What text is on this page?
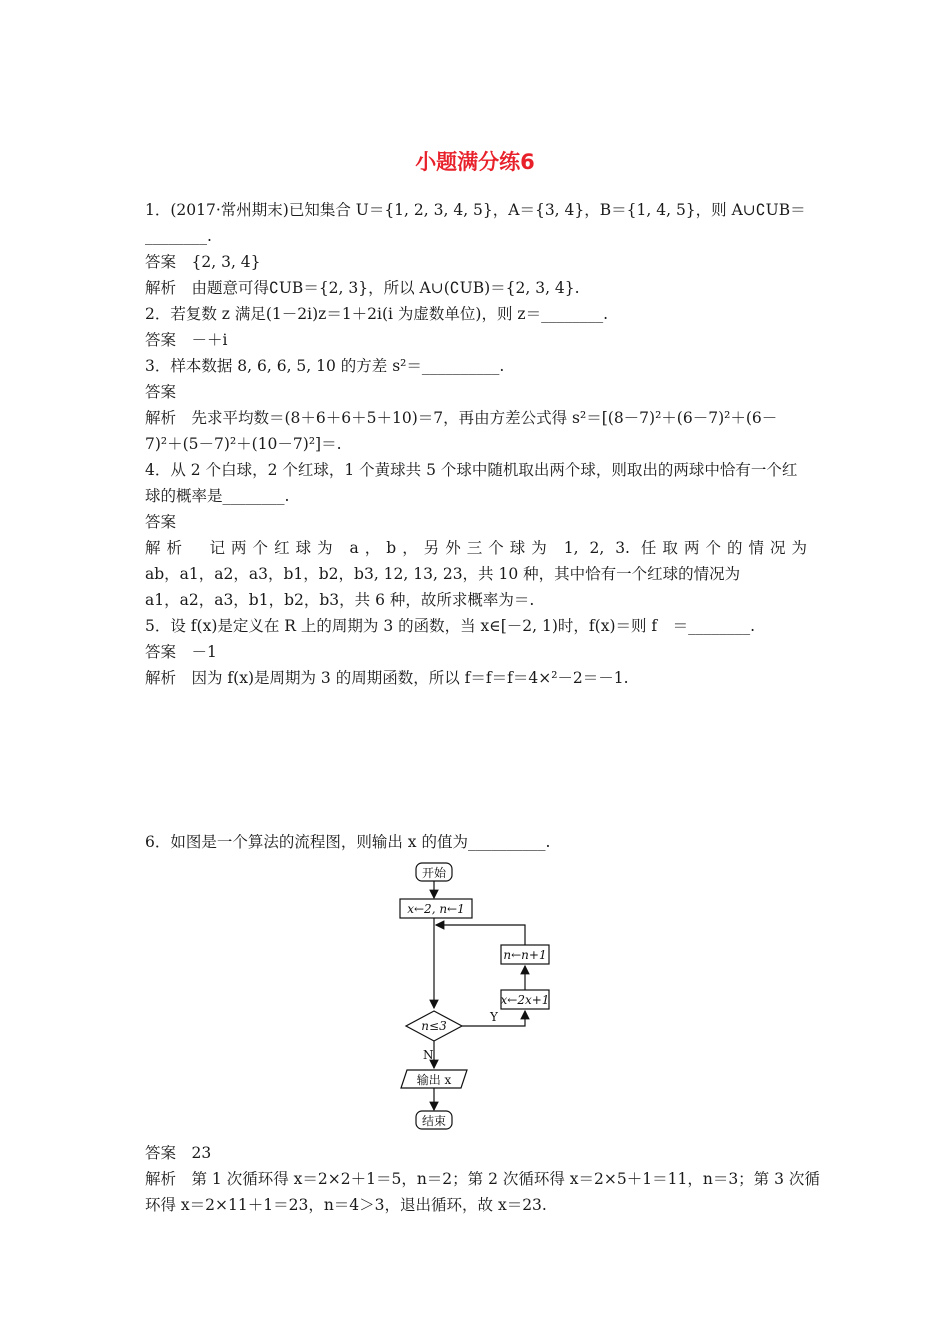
小题满分练6
1．(2017·常州期末)已知集合 U＝{1, 2, 3, 4, 5}，A＝{3, 4}，B＝{1, 4, 5}，则 A∪∁UB＝
________.
答案　{2, 3, 4}
解析　由题意可得∁UB＝{2, 3}，所以 A∪(∁UB)＝{2, 3, 4}.
2．若复数 z 满足(1－2i)z＝1＋2i(i 为虚数单位)，则 z＝________.
答案　－＋i
3．样本数据 8, 6, 6, 5, 10 的方差 s²＝__________.
答案
解析　先求平均数＝(8＋6＋6＋5＋10)＝7，再由方差公式得 s²＝[(8－7)²＋(6－7)²＋(6－
7)²＋(5－7)²＋(10－7)²]＝.
4．从 2 个白球，2 个红球，1 个黄球共 5 个球中随机取出两个球，则取出的两球中恰有一个红
球的概率是________.
答案
解析　记两个红球为 a，b，另外三个球为 1, 2, 3. 任取两个的情况为
ab，a1，a2，a3，b1，b2，b3, 12, 13, 23，共 10 种，其中恰有一个红球的情况为
a1，a2，a3，b1，b2，b3，共 6 种，故所求概率为＝.
5．设 f(x)是定义在 R 上的周期为 3 的函数，当 x∈[－2, 1)时，f(x)＝则 f　＝________.
答案　－1
解析　因为 f(x)是周期为 3 的周期函数，所以 f＝f＝f＝4×²－2＝－1.
6．如图是一个算法的流程图，则输出 x 的值为__________.
开始
x←2, n←1
n←n+1
x←2x+1
n≤3
Y
N
输出 x
结束
答案　23
解析　第 1 次循环得 x＝2×2＋1＝5，n＝2；第 2 次循环得 x＝2×5＋1＝11，n＝3；第 3 次循
环得 x＝2×11＋1＝23，n＝4＞3，退出循环，故 x＝23.
